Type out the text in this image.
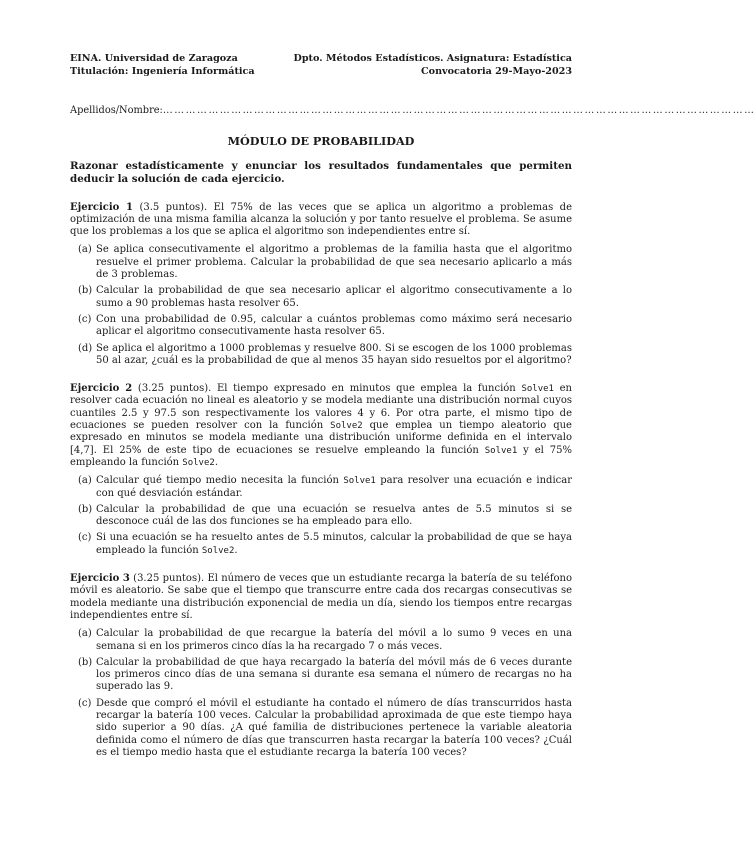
EINA. Universidad de Zaragoza
Titulación: Ingeniería Informática
Dpto. Métodos Estadísticos. Asignatura: Estadística
Convocatoria 29-Mayo-2023
Apellidos/Nombre: …………………………………………………………………………………………………………………………………………
MÓDULO DE PROBABILIDAD
Razonar estadísticamente y enunciar los resultados fundamentales que permiten deducir la solución de cada ejercicio.
Ejercicio 1 (3.5 puntos). El 75% de las veces que se aplica un algoritmo a problemas de optimización de una misma familia alcanza la solución y por tanto resuelve el problema. Se asume que los problemas a los que se aplica el algoritmo son independientes entre sí.
(a) Se aplica consecutivamente el algoritmo a problemas de la familia hasta que el algoritmo resuelve el primer problema. Calcular la probabilidad de que sea necesario aplicarlo a más de 3 problemas.
(b) Calcular la probabilidad de que sea necesario aplicar el algoritmo consecutivamente a lo sumo a 90 problemas hasta resolver 65.
(c) Con una probabilidad de 0.95, calcular a cuántos problemas como máximo será necesario aplicar el algoritmo consecutivamente hasta resolver 65.
(d) Se aplica el algoritmo a 1000 problemas y resuelve 800. Si se escogen de los 1000 problemas 50 al azar, ¿cuál es la probabilidad de que al menos 35 hayan sido resueltos por el algoritmo?
Ejercicio 2 (3.25 puntos). El tiempo expresado en minutos que emplea la función Solve1 en resolver cada ecuación no lineal es aleatorio y se modela mediante una distribución normal cuyos cuantiles 2.5 y 97.5 son respectivamente los valores 4 y 6. Por otra parte, el mismo tipo de ecuaciones se pueden resolver con la función Solve2 que emplea un tiempo aleatorio que expresado en minutos se modela mediante una distribución uniforme definida en el intervalo [4,7]. El 25% de este tipo de ecuaciones se resuelve empleando la función Solve1 y el 75% empleando la función Solve2.
(a) Calcular qué tiempo medio necesita la función Solve1 para resolver una ecuación e indicar con qué desviación estándar.
(b) Calcular la probabilidad de que una ecuación se resuelva antes de 5.5 minutos si se desconoce cuál de las dos funciones se ha empleado para ello.
(c) Si una ecuación se ha resuelto antes de 5.5 minutos, calcular la probabilidad de que se haya empleado la función Solve2.
Ejercicio 3 (3.25 puntos). El número de veces que un estudiante recarga la batería de su teléfono móvil es aleatorio. Se sabe que el tiempo que transcurre entre cada dos recargas consecutivas se modela mediante una distribución exponencial de media un día, siendo los tiempos entre recargas independientes entre sí.
(a) Calcular la probabilidad de que recargue la batería del móvil a lo sumo 9 veces en una semana si en los primeros cinco días la ha recargado 7 o más veces.
(b) Calcular la probabilidad de que haya recargado la batería del móvil más de 6 veces durante los primeros cinco días de una semana si durante esa semana el número de recargas no ha superado las 9.
(c) Desde que compró el móvil el estudiante ha contado el número de días transcurridos hasta recargar la batería 100 veces. Calcular la probabilidad aproximada de que este tiempo haya sido superior a 90 días. ¿A qué familia de distribuciones pertenece la variable aleatoria definida como el número de días que transcurren hasta recargar la batería 100 veces? ¿Cuál es el tiempo medio hasta que el estudiante recarga la batería 100 veces?
